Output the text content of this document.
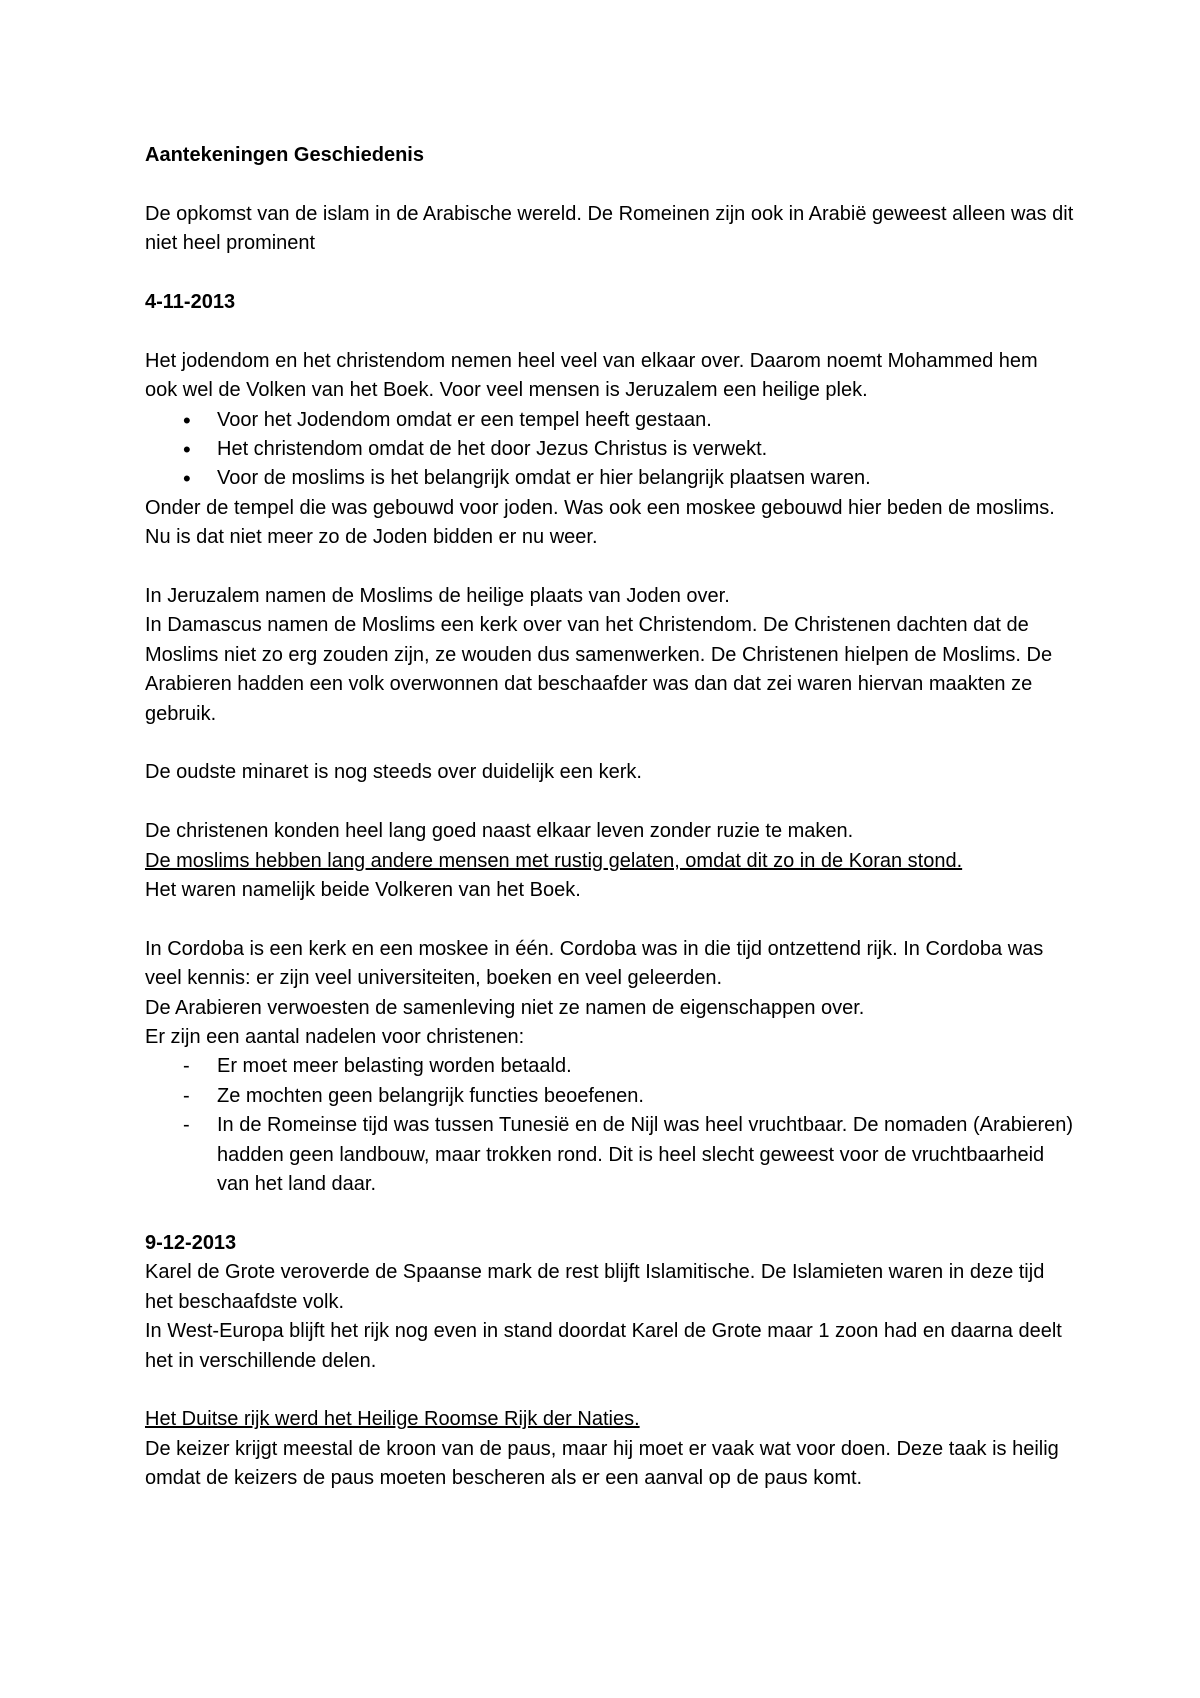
Aantekeningen Geschiedenis

De opkomst van de islam in de Arabische wereld. De Romeinen zijn ook in Arabië geweest alleen was dit niet heel prominent

4-11-2013

Het jodendom en het christendom nemen heel veel van elkaar over. Daarom noemt Mohammed hem ook wel de Volken van het Boek. Voor veel mensen is Jeruzalem een heilige plek.

• Voor het Jodendom omdat er een tempel heeft gestaan.
• Het christendom omdat de het door Jezus Christus is verwekt.
• Voor de moslims is het belangrijk omdat er hier belangrijk plaatsen waren.

Onder de tempel die was gebouwd voor joden. Was ook een moskee gebouwd hier beden de moslims. Nu is dat niet meer zo de Joden bidden er nu weer.

In Jeruzalem namen de Moslims de heilige plaats van Joden over.

In Damascus namen de Moslims een kerk over van het Christendom. De Christenen dachten dat de Moslims niet zo erg zouden zijn, ze wouden dus samenwerken. De Christenen hielpen de Moslims. De Arabieren hadden een volk overwonnen dat beschaafder was dan dat zei waren hiervan maakten ze gebruik.

De oudste minaret is nog steeds over duidelijk een kerk.

De christenen konden heel lang goed naast elkaar leven zonder ruzie te maken.

De moslims hebben lang andere mensen met rustig gelaten, omdat dit zo in de Koran stond.

Het waren namelijk beide Volkeren van het Boek.

In Cordoba is een kerk en een moskee in één. Cordoba was in die tijd ontzettend rijk. In Cordoba was veel kennis: er zijn veel universiteiten, boeken en veel geleerden.

De Arabieren verwoesten de samenleving niet ze namen de eigenschappen over.

Er zijn een aantal nadelen voor christenen:

- Er moet meer belasting worden betaald.
- Ze mochten geen belangrijk functies beoefenen.
- In de Romeinse tijd was tussen Tunesië en de Nijl was heel vruchtbaar. De nomaden (Arabieren) hadden geen landbouw, maar trokken rond. Dit is heel slecht geweest voor de vruchtbaarheid van het land daar.

9-12-2013

Karel de Grote veroverde de Spaanse mark de rest blijft Islamitische. De Islamieten waren in deze tijd het beschaafdste volk.

In West-Europa blijft het rijk nog even in stand doordat Karel de Grote maar 1 zoon had en daarna deelt het in verschillende delen.

Het Duitse rijk werd het Heilige Roomse Rijk der Naties.

De keizer krijgt meestal de kroon van de paus, maar hij moet er vaak wat voor doen. Deze taak is heilig omdat de keizers de paus moeten bescheren als er een aanval op de paus komt.
